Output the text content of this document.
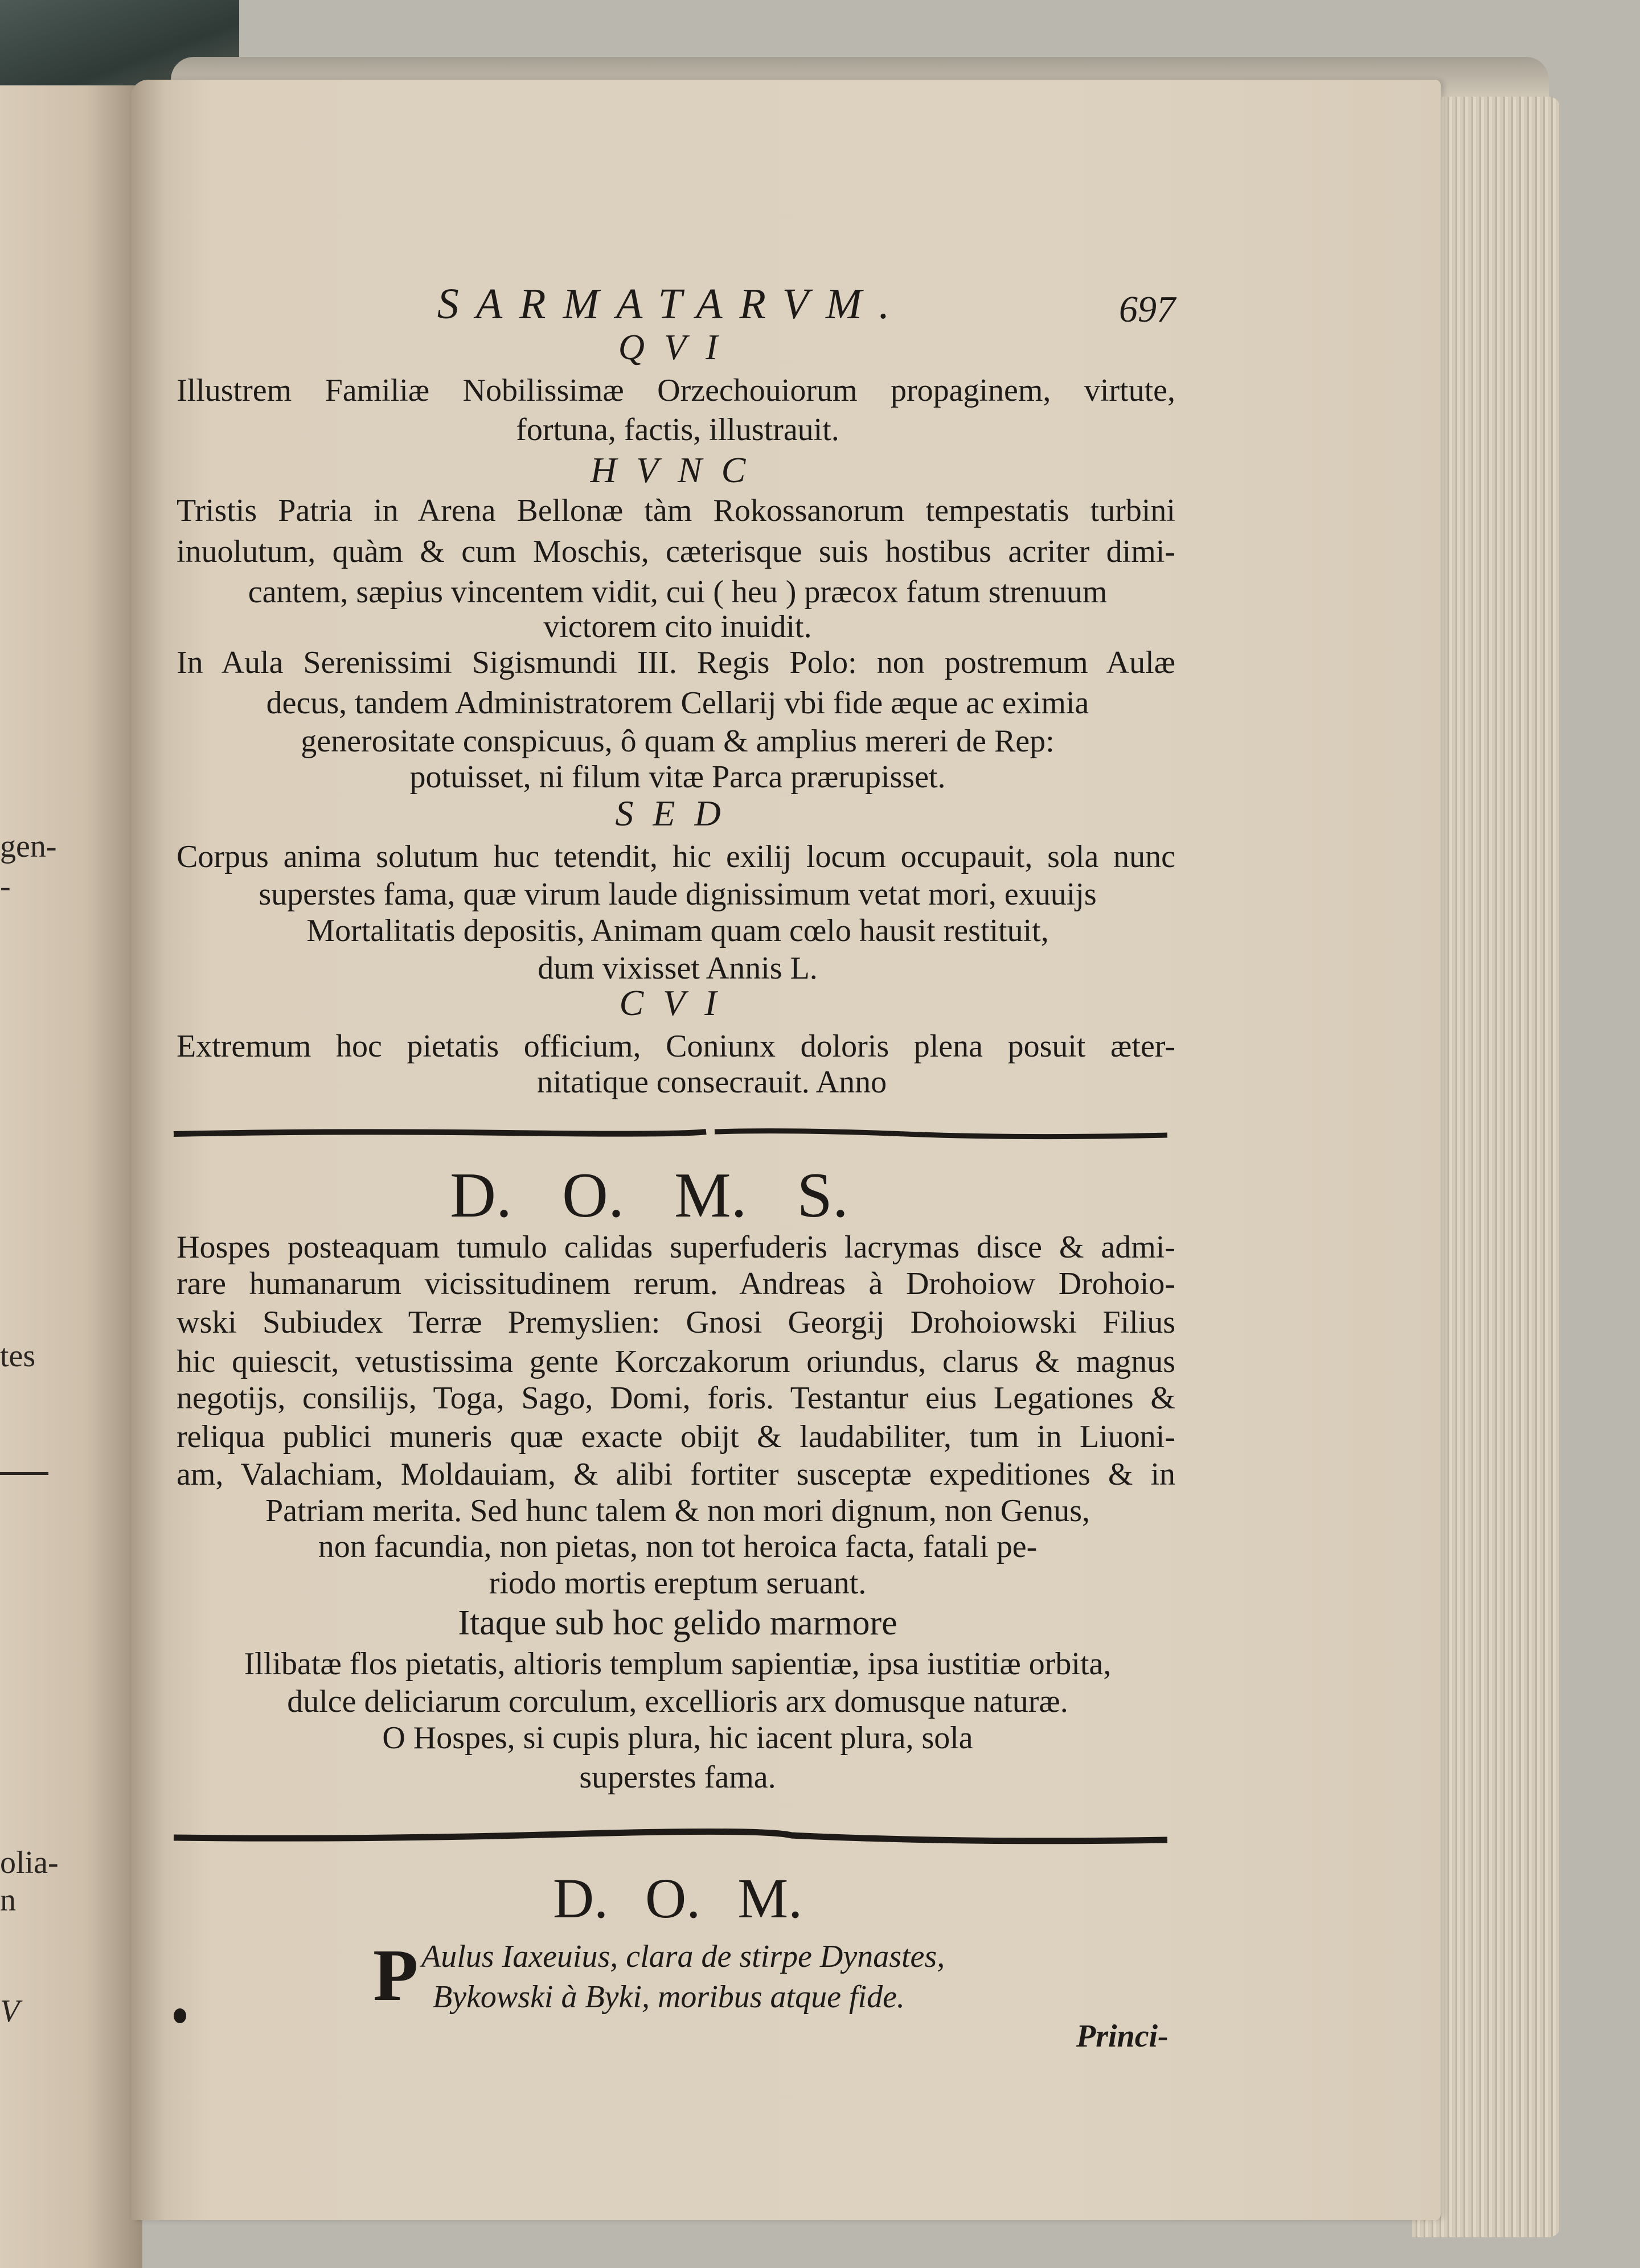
gen-
-
tes
olia-
n
V
SARMATARVM.	697
QVI
Illustrem Familiæ Nobilissimæ Orzechouiorum propaginem, virtute,
fortuna, factis, illustrauit.
HVNC
Tristis Patria in Arena Bellonæ tàm Rokossanorum tempestatis turbini
inuolutum, quàm & cum Moschis, cæterisque suis hostibus acriter dimi-
cantem, sæpius vincentem vidit, cui ( heu ) præcox fatum strenuum
victorem cito inuidit.
In Aula Serenissimi Sigismundi III. Regis Polo: non postremum Aulæ
decus, tandem Administratorem Cellarij vbi fide æque ac eximia
generositate conspicuus, ô quam & amplius mereri de Rep:
potuisset, ni filum vitæ Parca prærupisset.
SED
Corpus anima solutum huc tetendit, hic exilij locum occupauit, sola nunc
superstes fama, quæ virum laude dignissimum vetat mori, exuuijs
Mortalitatis depositis, Animam quam cœlo hausit restituit,
dum vixisset Annis L.
CVI
Extremum hoc pietatis officium, Coniunx doloris plena posuit æter-
nitatique consecrauit. Anno
D. O. M. S.
Hospes posteaquam tumulo calidas superfuderis lacrymas disce & admi-
rare humanarum vicissitudinem rerum. Andreas à Drohoiow Drohoio-
wski Subiudex Terræ Premyslien: Gnosi Georgij Drohoiowski Filius
hic quiescit, vetustissima gente Korczakorum oriundus, clarus & magnus
negotijs, consilijs, Toga, Sago, Domi, foris. Testantur eius Legationes &
reliqua publici muneris quæ exacte obijt & laudabiliter, tum in Liuoni-
am, Valachiam, Moldauiam, & alibi fortiter susceptæ expeditiones & in
Patriam merita. Sed hunc talem & non mori dignum, non Genus,
non facundia, non pietas, non tot heroica facta, fatali pe-
riodo mortis ereptum seruant.
Itaque sub hoc gelido marmore
Illibatæ flos pietatis, altioris templum sapientiæ, ipsa iustitiæ orbita,
dulce deliciarum corculum, excellioris arx domusque naturæ.
O Hospes, si cupis plura, hic iacent plura, sola
superstes fama.
D. O. M.
P Aulus Iaxeuius, clara de stirpe Dynastes,
Bykowski à Byki, moribus atque fide.
Princi-
